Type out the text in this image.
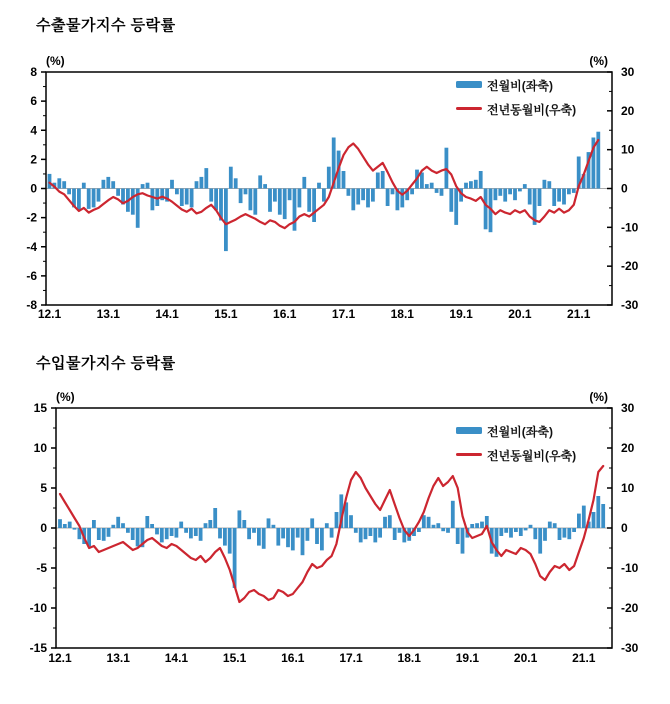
수출물가지수 등락률
8
6
4
2
0
-2
-4
-6
-8
30
20
10
0
-10
-20
-30
(%)	(%)
12.1	13.1	14.1	15.1	16.1	17.1	18.1	19.1	20.1	21.1
전월비(좌축)
전년동월비(우축)
수입물가지수 등락률
15
10
5
0
-5
-10
-15
30
20
10
0
-10
-20
-30
(%)	(%)
12.1	13.1	14.1	15.1	16.1	17.1	18.1	19.1	20.1	21.1
전월비(좌축)
전년동월비(우축)
